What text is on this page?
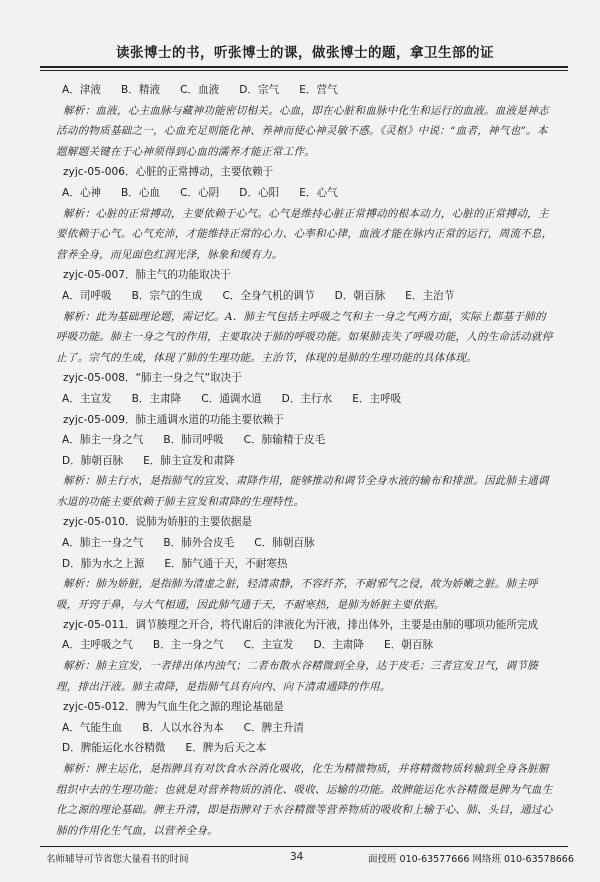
读张博士的书，听张博士的课，做张博士的题，拿卫生部的证
A．津液 B．精液 C．血液 D．宗气 E．营气
解析：血液，心主血脉与藏神功能密切相关。心血，即在心脏和血脉中化生和运行的血液。血液是神志活动的物质基础之一，心血充足则能化神、养神而使心神灵敏不惑。《灵枢》中说：“血者，神气也”。本题解题关键在于心神须得到心血的濡养才能正常工作。
zyjc-05-006．心脏的正常搏动，主要依赖于
A．心神 B．心血 C．心阴 D．心阳 E．心气
解析：心脏的正常搏动，主要依赖于心气。心气是维持心脏正常搏动的根本动力，心脏的正常搏动，主要依赖于心气。心气充沛，才能维持正常的心力、心率和心律，血液才能在脉内正常的运行，周流不息，营养全身，而见面色红润光泽，脉象和缓有力。
zyjc-05-007．肺主气的功能取决于
A．司呼吸 B．宗气的生成 C．全身气机的调节 D．朝百脉 E．主治节
解析：此为基础理论题，需记忆。A．肺主气包括主呼吸之气和主一身之气两方面，实际上都基于肺的呼吸功能。肺主一身之气的作用，主要取决于肺的呼吸功能。如果肺丧失了呼吸功能，人的生命活动就停止了。宗气的生成，体现了肺的生理功能。主治节，体现的是肺的生理功能的具体体现。
zyjc-05-008．“肺主一身之气”取决于
A．主宣发 B．主肃降 C．通调水道 D．主行水 E．主呼吸
zyjc-05-009．肺主通调水道的功能主要依赖于
A．肺主一身之气 B．肺司呼吸 C．肺输精于皮毛
D．肺朝百脉 E．肺主宣发和肃降
解析：肺主行水，是指肺气的宣发、肃降作用，能够推动和调节全身水液的输布和排泄。因此肺主通调水道的功能主要依赖于肺主宣发和肃降的生理特性。
zyjc-05-010．说肺为娇脏的主要依据是
A．肺主一身之气 B．肺外合皮毛 C．肺朝百脉
D．肺为水之上源 E．肺气通于天，不耐寒热
解析：肺为娇脏，是指肺为清虚之脏，轻清肃静，不容纤芥，不耐邪气之侵，故为娇嫩之脏。肺主呼吸，开窍于鼻，与大气相通，因此肺气通于天，不耐寒热，是肺为娇脏主要依据。
zyjc-05-011．调节腠理之开合，将代谢后的津液化为汗液，排出体外，主要是由肺的哪项功能所完成
A．主呼吸之气 B．主一身之气 C．主宣发 D．主肃降 E．朝百脉
解析：肺主宣发，一者排出体内浊气；二者布散水谷精微到全身，达于皮毛；三者宣发卫气，调节腠理，排出汗液。肺主肃降，是指肺气具有向内、向下清肃通降的作用。
zyjc-05-012．脾为气血生化之源的理论基础是
A．气能生血 B．人以水谷为本 C．脾主升清
D．脾能运化水谷精微 E．脾为后天之本
解析：脾主运化，是指脾具有对饮食水谷消化吸收，化生为精微物质，并将精微物质转输到全身各脏腑组织中去的生理功能；也就是对营养物质的消化、吸收、运输的功能。故脾能运化水谷精微是脾为气血生化之源的理论基础。脾主升清，即是指脾对于水谷精微等营养物质的吸收和上输于心、肺、头目，通过心肺的作用化生气血，以营养全身。
名师辅导可节省您大量看书的时间	34	面授班 010-63577666 网络班 010-63578666
